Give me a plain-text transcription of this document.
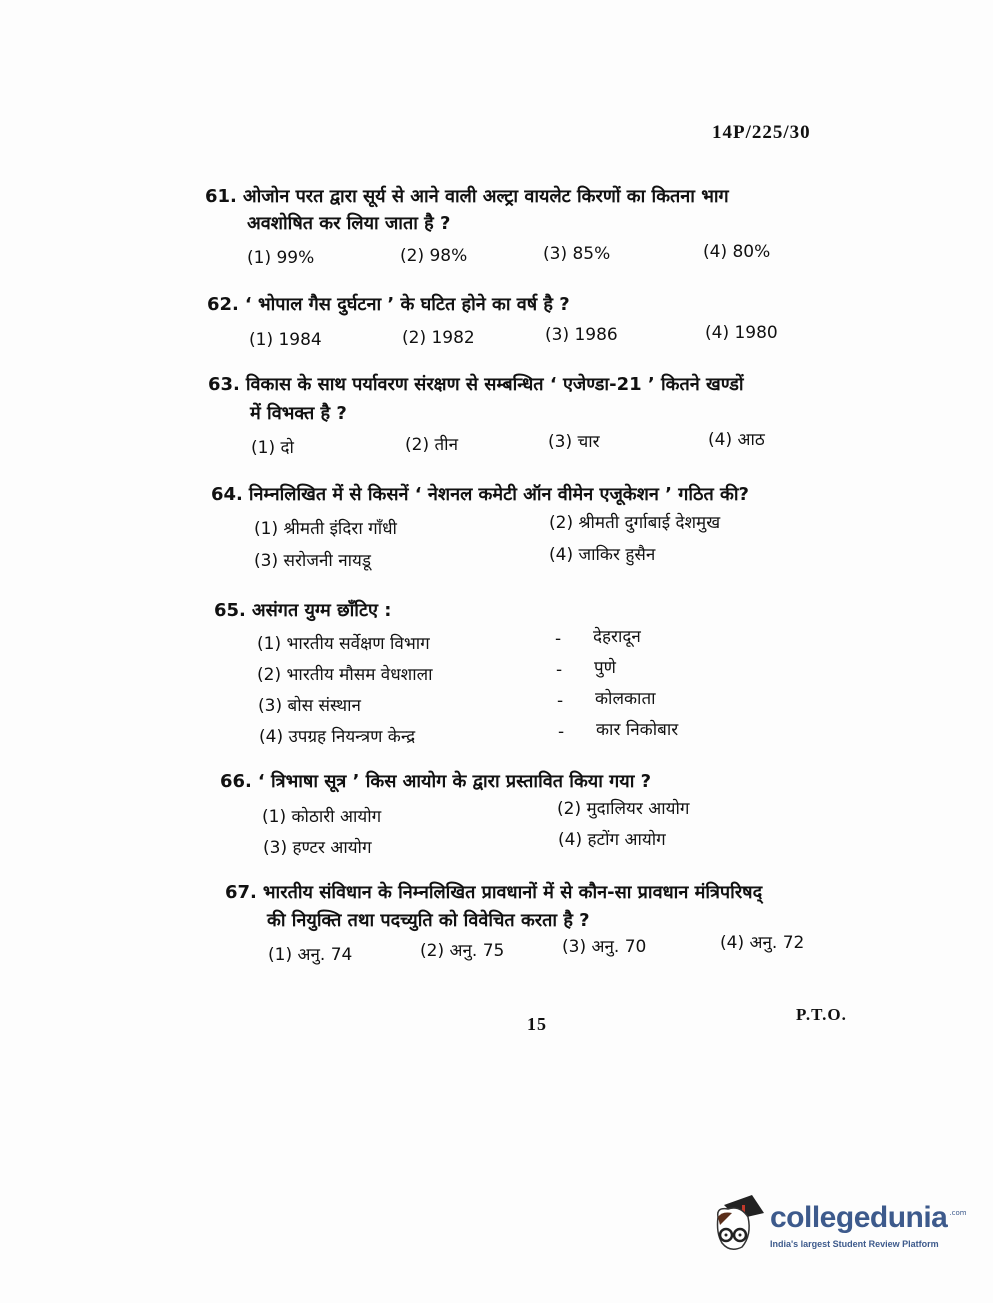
14P/225/30
61. ओजोन परत द्वारा सूर्य से आने वाली अल्ट्रा वायलेट किरणों का कितना भाग
अवशोषित कर लिया जाता है ?
(1) 99%	(2) 98%	(3) 85%	(4) 80%
62. ‘ भोपाल गैस दुर्घटना ’ के घटित होने का वर्ष है ?
(1) 1984	(2) 1982	(3) 1986	(4) 1980
63. विकास के साथ पर्यावरण संरक्षण से सम्बन्धित ‘ एजेण्डा-21 ’ कितने खण्डों
में विभक्त है ?
(1) दो	(2) तीन	(3) चार	(4) आठ
64. निम्नलिखित में से किसनें ‘ नेशनल कमेटी ऑन वीमेन एजूकेशन ’ गठित की?
(1) श्रीमती इंदिरा गाँधी	(2) श्रीमती दुर्गाबाई देशमुख
(3) सरोजनी नायडू	(4) जाकिर हुसैन
65. असंगत युग्म छाँटिए :
(1) भारतीय सर्वेक्षण विभाग	- देहरादून
(2) भारतीय मौसम वेधशाला	- पुणे
(3) बोस संस्थान	- कोलकाता
(4) उपग्रह नियन्त्रण केन्द्र	- कार निकोबार
66. ‘ त्रिभाषा सूत्र ’ किस आयोग के द्वारा प्रस्तावित किया गया ?
(1) कोठारी आयोग	(2) मुदालियर आयोग
(3) हण्टर आयोग	(4) हटोंग आयोग
67. भारतीय संविधान के निम्नलिखित प्रावधानों में से कौन-सा प्रावधान मंत्रिपरिषद्
की नियुक्ति तथा पदच्युति को विवेचित करता है ?
(1) अनु. 74	(2) अनु. 75	(3) अनु. 70	(4) अनु. 72
15	P.T.O.
collegedunia .com
India's largest Student Review Platform
